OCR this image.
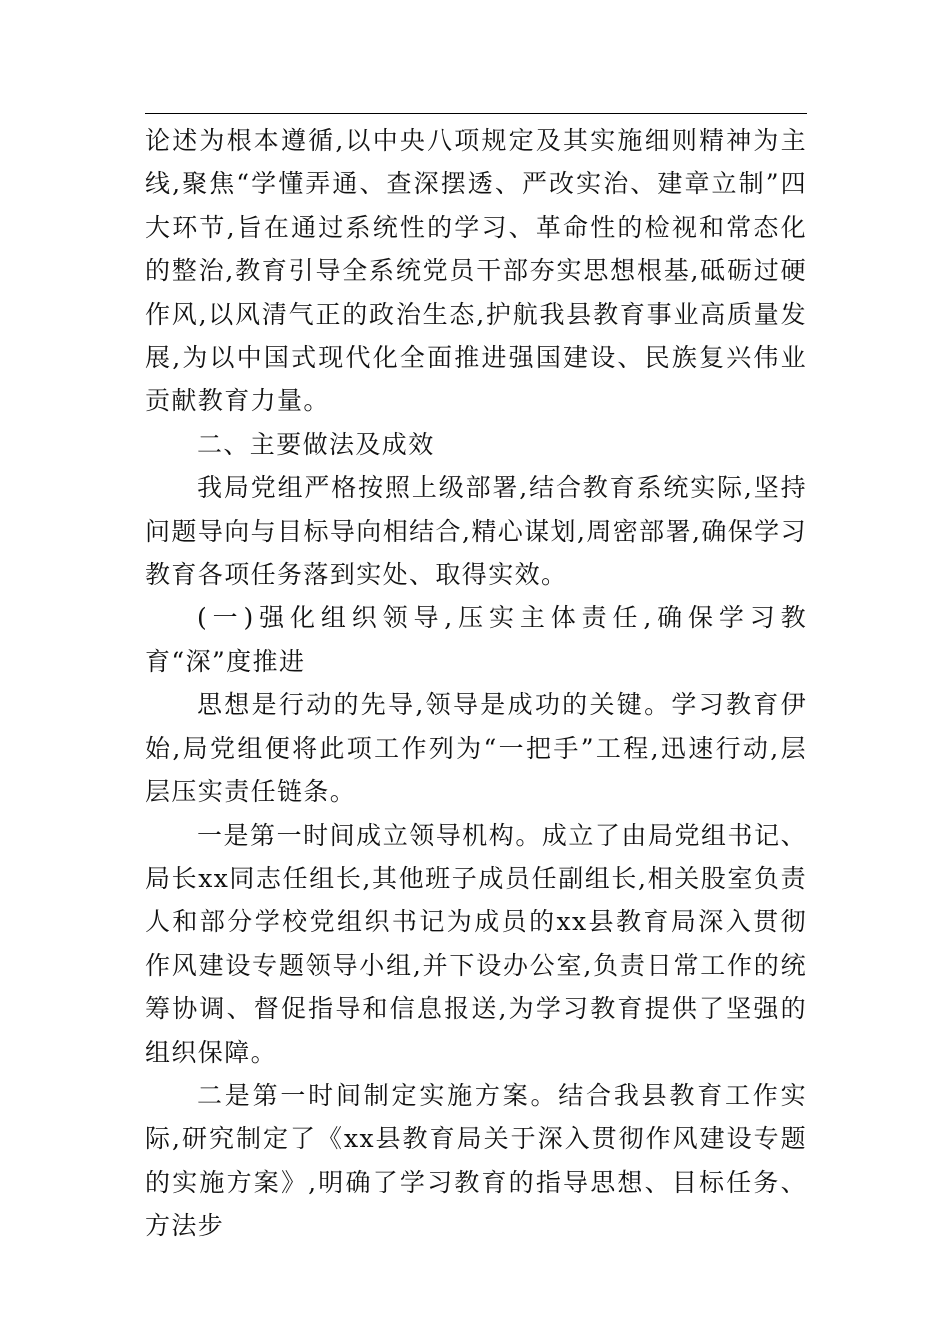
论述为根本遵循,以中央八项规定及其实施细则精神为主线,聚焦“学懂弄通、查深摆透、严改实治、建章立制”四大环节,旨在通过系统性的学习、革命性的检视和常态化的整治,教育引导全系统党员干部夯实思想根基,砥砺过硬作风,以风清气正的政治生态,护航我县教育事业高质量发展,为以中国式现代化全面推进强国建设、民族复兴伟业贡献教育力量。

二、主要做法及成效

我局党组严格按照上级部署,结合教育系统实际,坚持问题导向与目标导向相结合,精心谋划,周密部署,确保学习教育各项任务落到实处、取得实效。

(一)强化组织领导,压实主体责任,确保学习教育“深”度推进

思想是行动的先导,领导是成功的关键。学习教育伊始,局党组便将此项工作列为“一把手”工程,迅速行动,层层压实责任链条。

一是第一时间成立领导机构。成立了由局党组书记、局长xx同志任组长,其他班子成员任副组长,相关股室负责人和部分学校党组织书记为成员的xx县教育局深入贯彻作风建设专题领导小组,并下设办公室,负责日常工作的统筹协调、督促指导和信息报送,为学习教育提供了坚强的组织保障。

二是第一时间制定实施方案。结合我县教育工作实际,研究制定了《xx县教育局关于深入贯彻作风建设专题的实施方案》,明确了学习教育的指导思想、目标任务、方法步
